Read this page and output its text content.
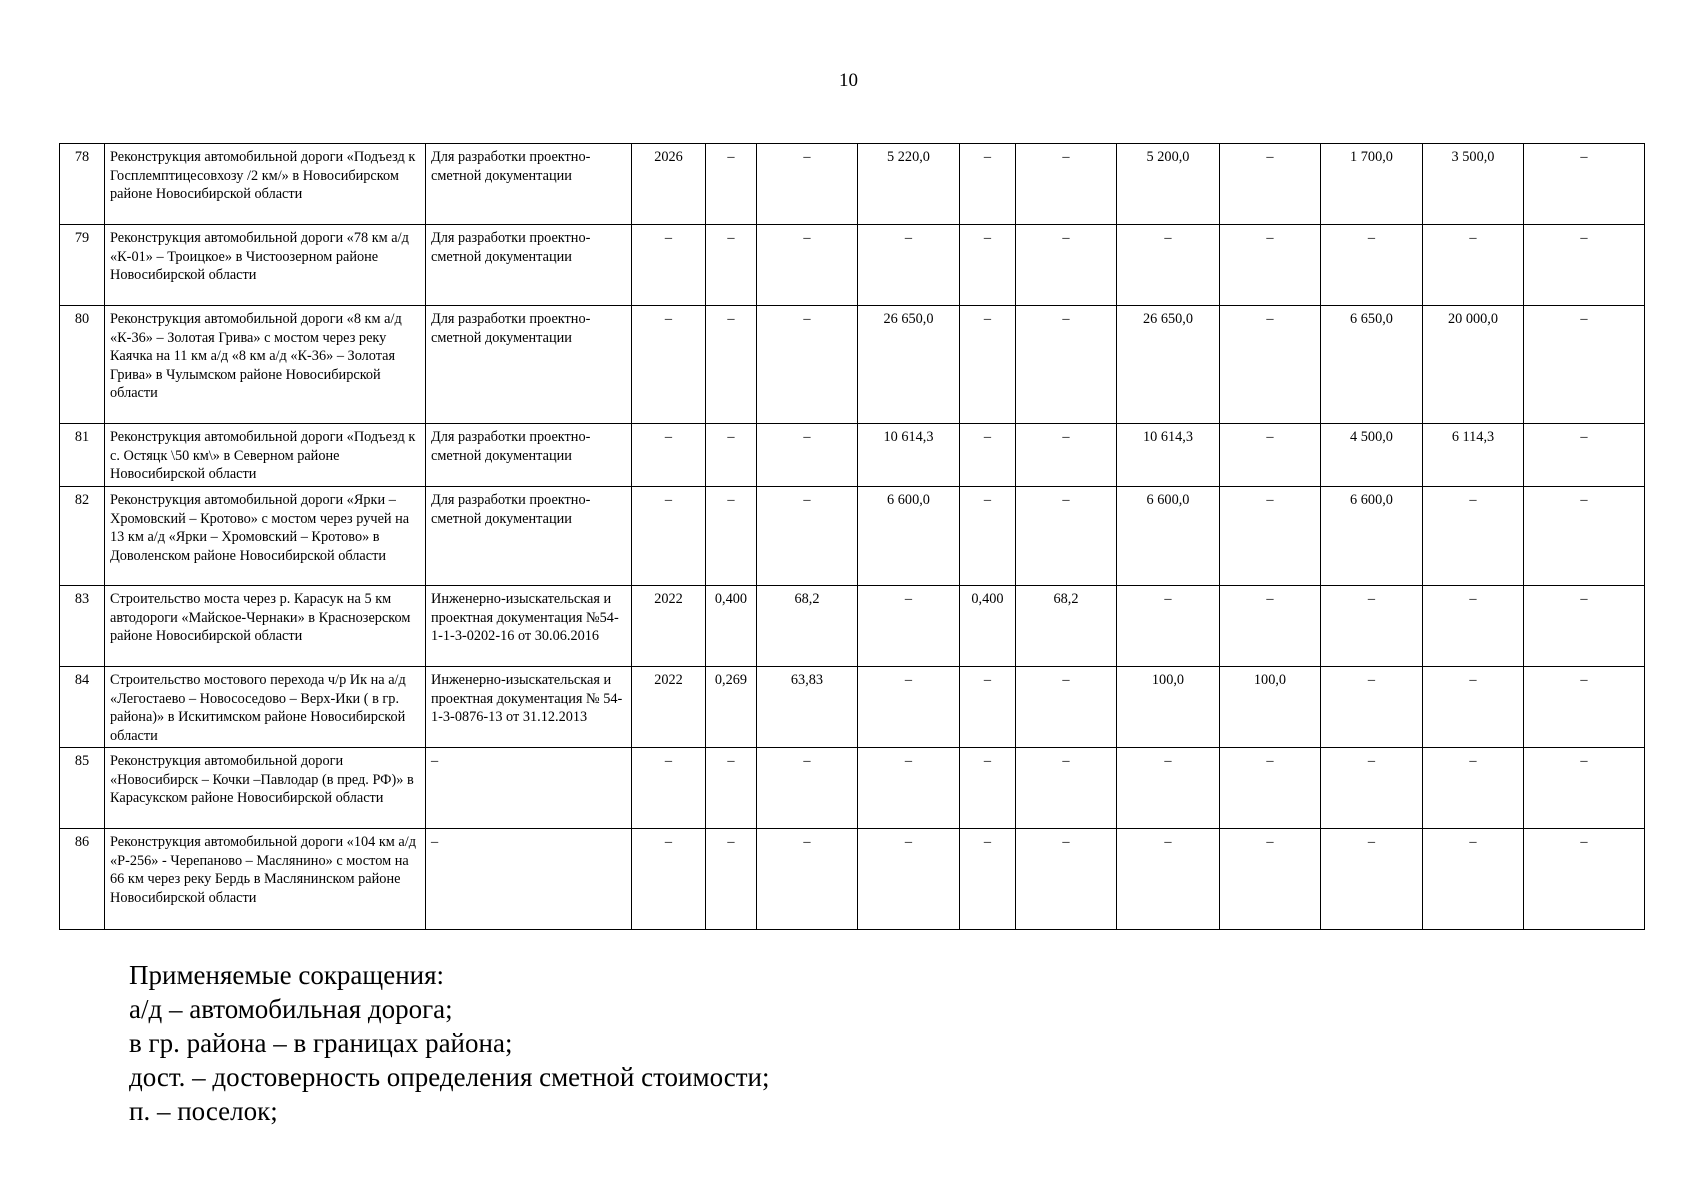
10
78	Реконструкция автомобильной дороги «Подъезд к Госплемптицесовхозу /2 км/» в Новосибирском районе Новосибирской области	Для разработки проектно-сметной документации	2026	–	–	5 220,0	–	–	5 200,0	–	1 700,0	3 500,0	–
79	Реконструкция автомобильной дороги «78 км а/д «К-01» – Троицкое» в Чистоозерном районе Новосибирской области	Для разработки проектно-сметной документации	–	–	–	–	–	–	–	–	–	–	–
80	Реконструкция автомобильной дороги «8 км а/д «К-36» – Золотая Грива» с мостом через реку Каячка на 11 км а/д «8 км а/д «К-36» – Золотая Грива» в Чулымском районе Новосибирской области	Для разработки проектно-сметной документации	–	–	–	26 650,0	–	–	26 650,0	–	6 650,0	20 000,0	–
81	Реконструкция автомобильной дороги «Подъезд к с. Остяцк \50 км\» в Северном районе Новосибирской области	Для разработки проектно-сметной документации	–	–	–	10 614,3	–	–	10 614,3	–	4 500,0	6 114,3	–
82	Реконструкция автомобильной дороги «Ярки – Хромовский – Кротово» с мостом через ручей на 13 км а/д «Ярки – Хромовский – Кротово» в Доволенском районе Новосибирской области	Для разработки проектно-сметной документации	–	–	–	6 600,0	–	–	6 600,0	–	6 600,0	–	–
83	Строительство моста через р. Карасук на 5 км автодороги «Майское-Чернаки» в Краснозерском районе Новосибирской области	Инженерно-изыскательская и проектная документация №54-1-1-3-0202-16 от 30.06.2016	2022	0,400	68,2	–	0,400	68,2	–	–	–	–	–
84	Строительство мостового перехода ч/р Ик на а/д «Легостаево – Новососедово – Верх-Ики ( в гр. района)» в Искитимском районе Новосибирской области	Инженерно-изыскательская и проектная документация № 54-1-3-0876-13 от 31.12.2013	2022	0,269	63,83	–	–	–	100,0	100,0	–	–	–
85	Реконструкция автомобильной дороги «Новосибирск – Кочки –Павлодар (в пред. РФ)» в Карасукском районе Новосибирской области	–	–	–	–	–	–	–	–	–	–	–	–
86	Реконструкция автомобильной дороги «104 км а/д «Р-256» - Черепаново – Маслянино» с мостом на 66 км через реку Бердь в Маслянинском районе Новосибирской области	–	–	–	–	–	–	–	–	–	–	–	–
Применяемые сокращения:
а/д – автомобильная дорога;
в гр. района – в границах района;
дост. – достоверность определения сметной стоимости;
п. – поселок;
